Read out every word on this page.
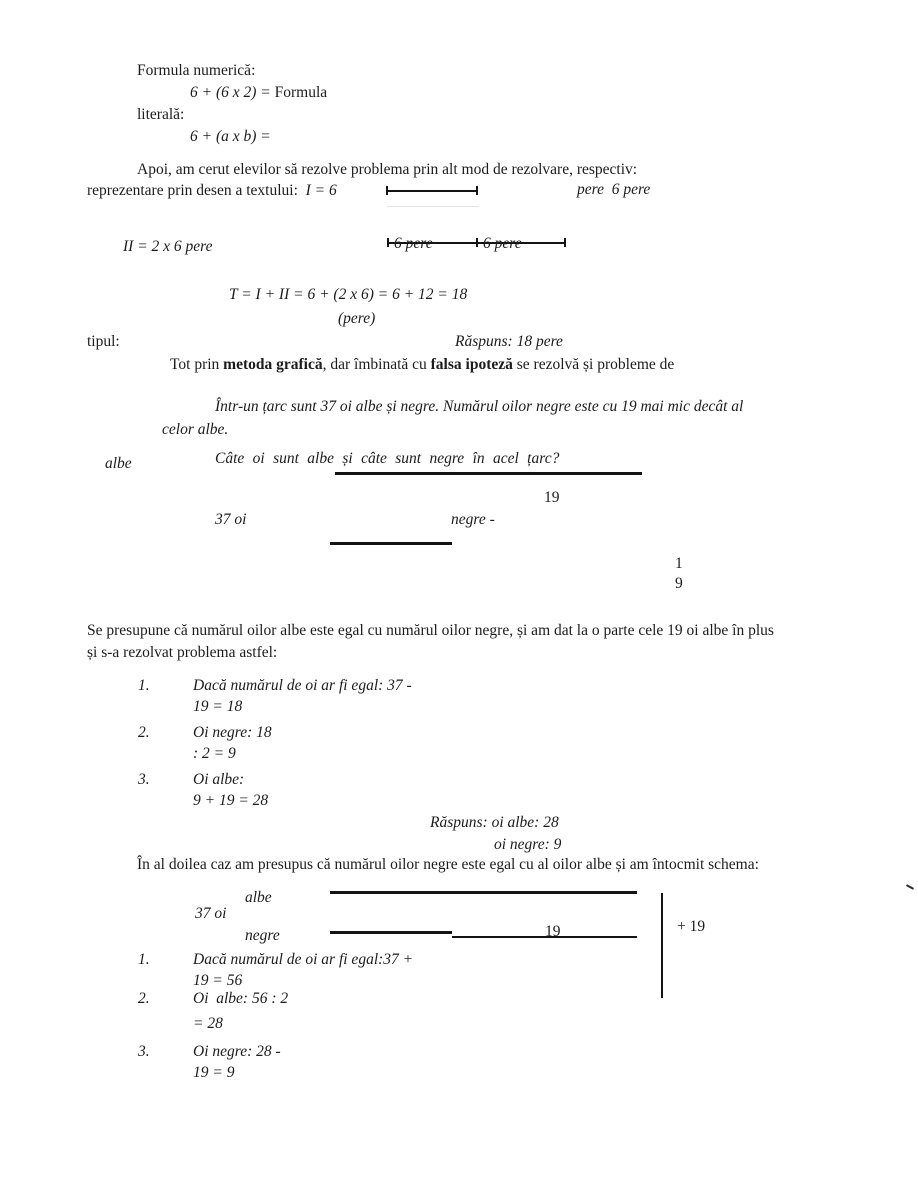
Formula numerică:
6 + (6 x 2) = Formula
literală:
6 + (a x b) =
Apoi, am cerut elevilor să rezolve problema prin alt mod de rezolvare, respectiv:
reprezentare prin desen a textului:  I = 6	pere  6 pere
II = 2 x 6 pere	6 pere	6 pere
T = I + II = 6 + (2 x 6) = 6 + 12 = 18
(pere)
tipul:	Răspuns: 18 pere
Tot prin metoda grafică, dar îmbinată cu falsa ipoteză se rezolvă și probleme de
Într-un țarc sunt 37 oi albe și negre. Numărul oilor negre este cu 19 mai mic decât al
celor albe.
Câte oi sunt albe și câte sunt negre în acel țarc?
albe
19
37 oi	negre -
1
9
Se presupune că numărul oilor albe este egal cu numărul oilor negre, și am dat la o parte cele 19 oi albe în plus
și s-a rezolvat problema astfel:
1.	Dacă numărul de oi ar fi egal: 37 -
19 = 18
2.	Oi negre: 18
: 2 = 9
3.	Oi albe:
9 + 19 = 28
Răspuns: oi albe: 28
oi negre: 9
În al doilea caz am presupus că numărul oilor negre este egal cu al oilor albe și am întocmit schema:
albe
37 oi
negre	19	+ 19
1.	Dacă numărul de oi ar fi egal:37 +
19 = 56
2.	Oi  albe: 56 : 2
= 28
3.	Oi negre: 28 -
19 = 9
